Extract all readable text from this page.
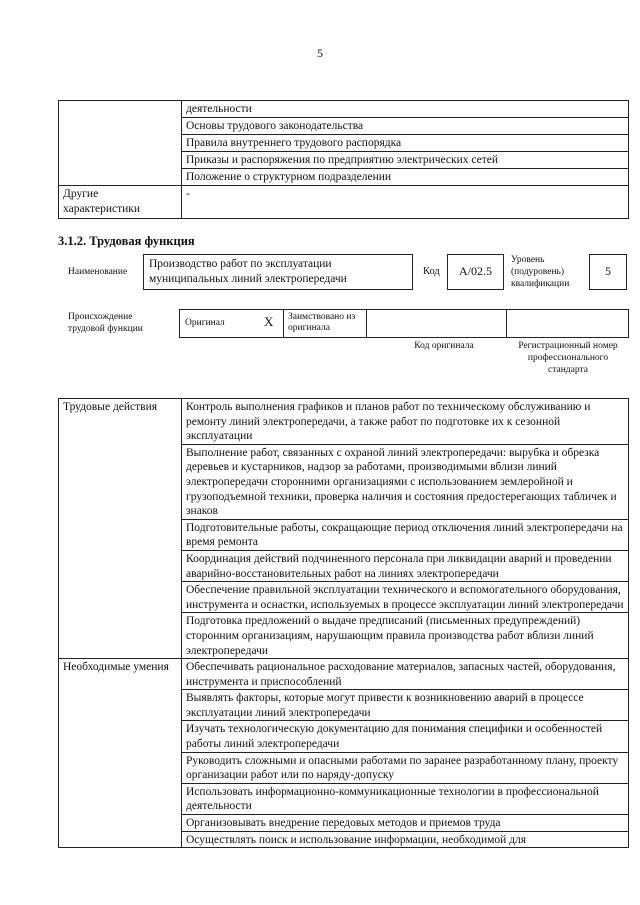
5
	деятельности
	Основы трудового законодательства
	Правила внутреннего трудового распорядка
	Приказы и распоряжения по предприятию электрических сетей
	Положение о структурном подразделении
Другие характеристики	-
3.1.2. Трудовая функция
Наименование
Производство работ по эксплуатации муниципальных линий электропередачи
Код	A/02.5
Уровень (подуровень) квалификации
5
Происхождение трудовой функции
Оригинал	X	Заимствовано из оригинала
Код оригинала	Регистрационный номер профессионального стандарта
Трудовые действия	Контроль выполнения графиков и планов работ по техническому обслуживанию и ремонту линий электропередачи, а также работ по подготовке их к сезонной эксплуатации
	Выполнение работ, связанных с охраной линий электропередачи: вырубка и обрезка деревьев и кустарников, надзор за работами, производимыми вблизи линий электропередачи сторонними организациями с использованием землеройной и грузоподъемной техники, проверка наличия и состояния предостерегающих табличек и знаков
	Подготовительные работы, сокращающие период отключения линий электропередачи на время ремонта
	Координация действий подчиненного персонала при ликвидации аварий и проведении аварийно-восстановительных работ на линиях электропередачи
	Обеспечение правильной эксплуатации технического и вспомогательного оборудования, инструмента и оснастки, используемых в процессе эксплуатации линий электропередачи
	Подготовка предложений о выдаче предписаний (письменных предупреждений) сторонним организациям, нарушающим правила производства работ вблизи линий электропередачи
Необходимые умения	Обеспечивать рациональное расходование материалов, запасных частей, оборудования, инструмента и приспособлений
	Выявлять факторы, которые могут привести к возникновению аварий в процессе эксплуатации линий электропередачи
	Изучать технологическую документацию для понимания специфики и особенностей работы линий электропередачи
	Руководить сложными и опасными работами по заранее разработанному плану, проекту организации работ или по наряду-допуску
	Использовать информационно-коммуникационные технологии в профессиональной деятельности
	Организовывать внедрение передовых методов и приемов труда
	Осуществлять поиск и использование информации, необходимой для
